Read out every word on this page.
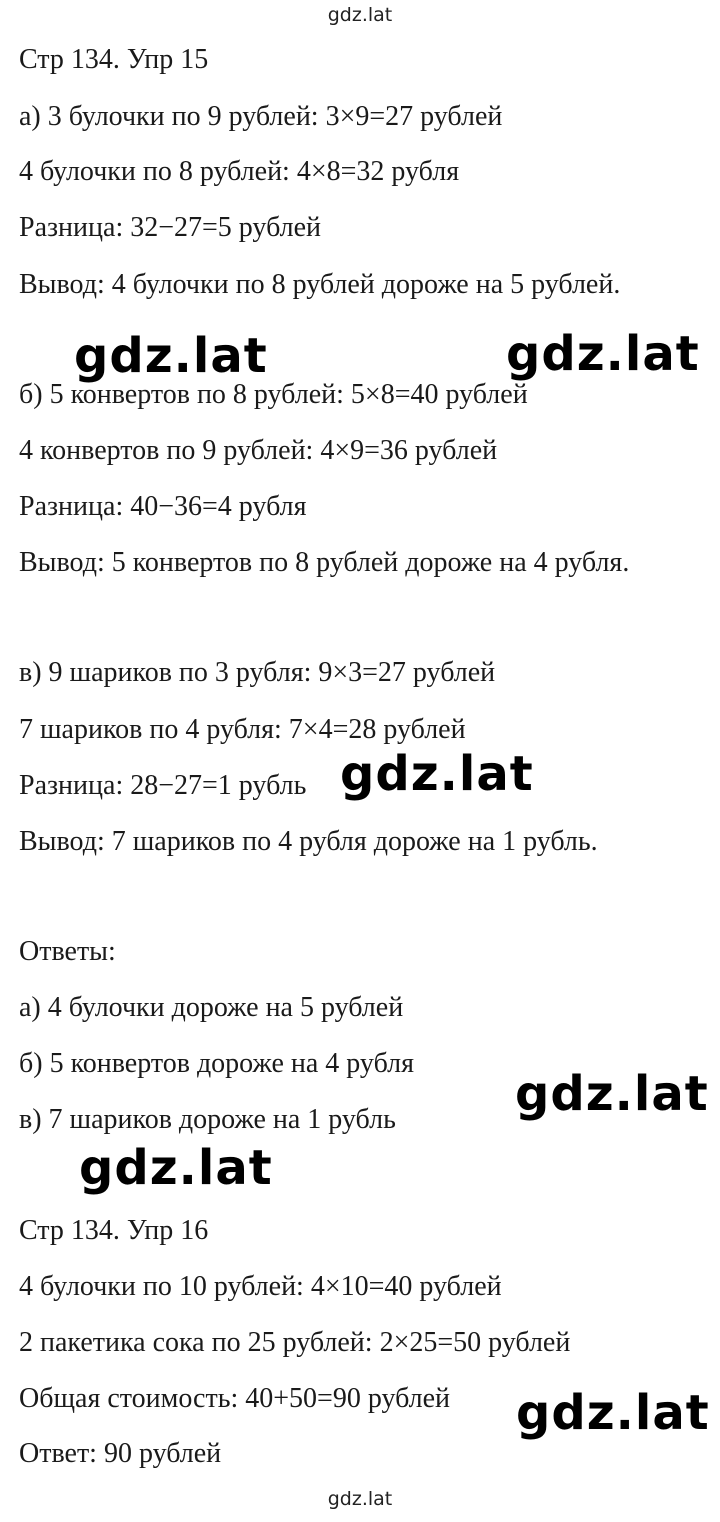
gdz.lat
Стр 134. Упр 15
а) 3 булочки по 9 рублей: 3×9=27 рублей
4 булочки по 8 рублей: 4×8=32 рубля
Разница: 32−27=5 рублей
Вывод: 4 булочки по 8 рублей дороже на 5 рублей.
б) 5 конвертов по 8 рублей: 5×8=40 рублей
4 конвертов по 9 рублей: 4×9=36 рублей
Разница: 40−36=4 рубля
Вывод: 5 конвертов по 8 рублей дороже на 4 рубля.
в) 9 шариков по 3 рубля: 9×3=27 рублей
7 шариков по 4 рубля: 7×4=28 рублей
Разница: 28−27=1 рубль
Вывод: 7 шариков по 4 рубля дороже на 1 рубль.
Ответы:
а) 4 булочки дороже на 5 рублей
б) 5 конвертов дороже на 4 рубля
в) 7 шариков дороже на 1 рубль
Стр 134. Упр 16
4 булочки по 10 рублей: 4×10=40 рублей
2 пакетика сока по 25 рублей: 2×25=50 рублей
Общая стоимость: 40+50=90 рублей
Ответ: 90 рублей
gdz.lat	gdz.lat
gdz.lat
gdz.lat
gdz.lat
gdz.lat
gdz.lat
